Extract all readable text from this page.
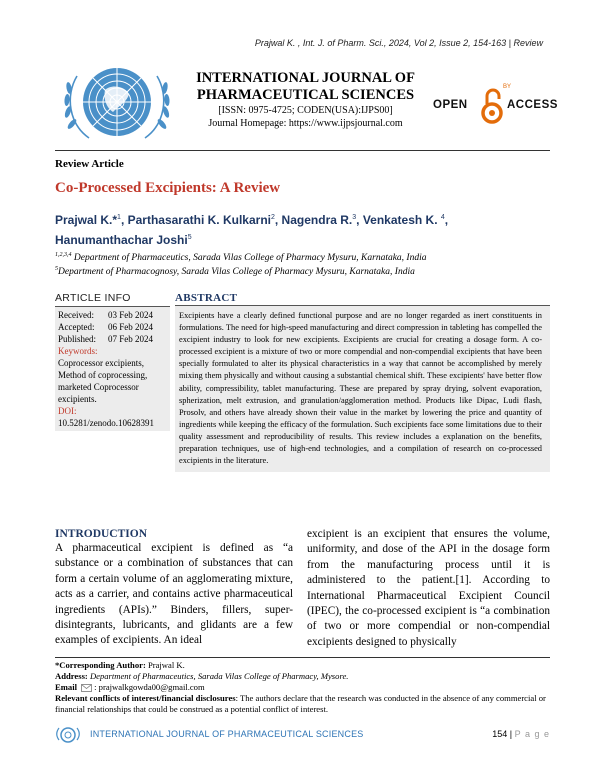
Prajwal K. , Int. J. of Pharm. Sci., 2024, Vol 2, Issue 2, 154-163 | Review
INTERNATIONAL JOURNAL OF
PHARMACEUTICAL SCIENCES
[ISSN: 0975-4725; CODEN(USA):IJPS00]
Journal Homepage: https://www.ijpsjournal.com
OPEN
BY
ACCESS
Review Article
Co-Processed Excipients: A Review
Prajwal K.*$^1$, Parthasarathi K. Kulkarni$^2$, Nagendra R.$^3$, Venkatesh K. $^4$,
Hanumanthachar Joshi$^5$
$^{1,2,3,4}$ Department of Pharmaceutics, Sarada Vilas College of Pharmacy Mysuru, Karnataka, India
$^5$Department of Pharmacognosy, Sarada Vilas College of Pharmacy Mysuru, Karnataka, India
ARTICLE INFO
Received:	03 Feb 2024
Accepted:	06 Feb 2024
Published:	07 Feb 2024
Keywords:
Coprocessor excipients, Method of coprocessing, marketed Coprocessor excipients.
DOI:
10.5281/zenodo.10628391
ABSTRACT
Excipients have a clearly defined functional purpose and are no longer regarded as inert constituents in formulations. The need for high-speed manufacturing and direct compression in tableting has compelled the excipient industry to look for new excipients. Excipients are crucial for creating a dosage form. A co-processed excipient is a mixture of two or more compendial and non-compendial excipients that have been specially formulated to alter its physical characteristics in a way that cannot be accomplished by merely mixing them physically and without causing a substantial chemical shift. These excipients' have better flow ability, compressibility, tablet manufacturing. These are prepared by spray drying, solvent evaporation, spherization, melt extrusion, and granulation/agglomeration method. Products like Dipac, Ludi flash, Prosolv, and others have already shown their value in the market by lowering the price and quantity of ingredients while keeping the efficacy of the formulation. Such excipients face some limitations due to their quality assessment and reproducibility of results. This review includes a explanation on the benefits, preparation techniques, use of high-end technologies, and a compilation of research on co-processed excipients in the literature.
INTRODUCTION
A pharmaceutical excipient is defined as “a substance or a combination of substances that can form a certain volume of an agglomerating mixture, acts as a carrier, and contains active pharmaceutical ingredients (APIs).” Binders, fillers, super-disintegrants, lubricants, and glidants are a few examples of excipients. An ideal
excipient is an excipient that ensures the volume, uniformity, and dose of the API in the dosage form from the manufacturing process until it is administered to the patient.[1]. According to International Pharmaceutical Excipient Council (IPEC), the co-processed excipient is “a combination of two or more compendial or non-compendial excipients designed to physically
*Corresponding Author: Prajwal K.
Address: Department of Pharmaceutics, Sarada Vilas College of Pharmacy, Mysore.
Email : prajwalkgowda00@gmail.com
Relevant conflicts of interest/financial disclosures: The authors declare that the research was conducted in the absence of any commercial or financial relationships that could be construed as a potential conflict of interest.
INTERNATIONAL JOURNAL OF PHARMACEUTICAL SCIENCES	154 | P a g e
